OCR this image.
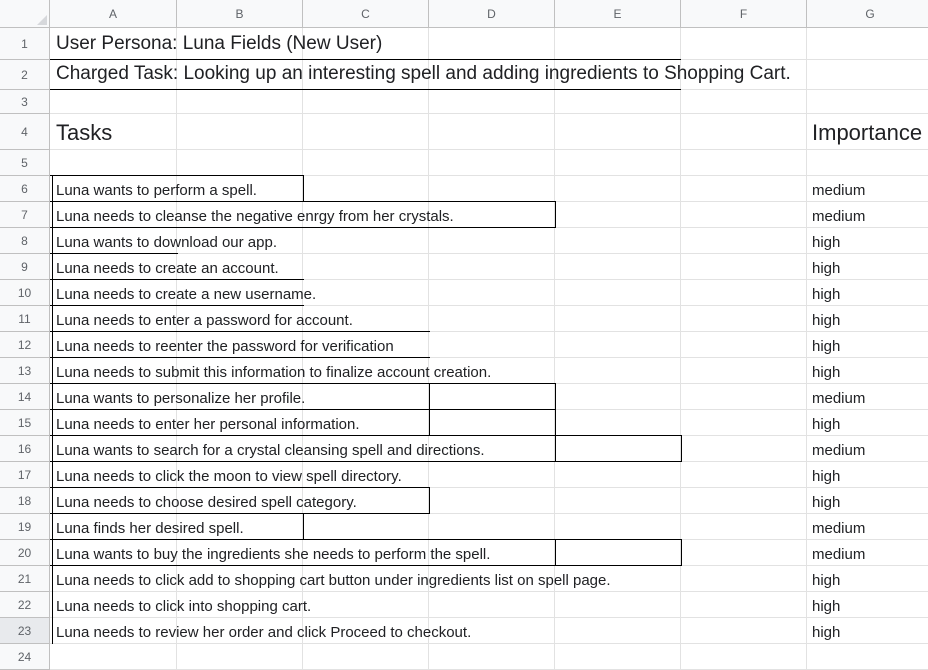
A	B	C	D	E	F	G
1
2
3
4
5
6
7
8
9
10
11
12
13
14
15
16
17
18
19
20
21
22
23
24
User Persona: Luna Fields (New User)
Charged Task: Looking up an interesting spell and adding ingredients to Shopping Cart.
Tasks	Importance
Luna wants to perform a spell.	medium
Luna needs to cleanse the negative enrgy from her crystals.	medium
Luna wants to download our app.	high
Luna needs to create an account.	high
Luna needs to create a new username.	high
Luna needs to enter a password for account.	high
Luna needs to reenter the password for verification	high
Luna needs to submit this information to finalize account creation.	high
Luna wants to personalize her profile.	medium
Luna needs to enter her personal information.	high
Luna wants to search for a crystal cleansing spell and directions.	medium
Luna needs to click the moon to view spell directory.	high
Luna needs to choose desired spell category.	high
Luna finds her desired spell.	medium
Luna wants to buy the ingredients she needs to perform the spell.	medium
Luna needs to click add to shopping cart button under ingredients list on spell page.	high
Luna needs to click into shopping cart.	high
Luna needs to review her order and click Proceed to checkout.	high
